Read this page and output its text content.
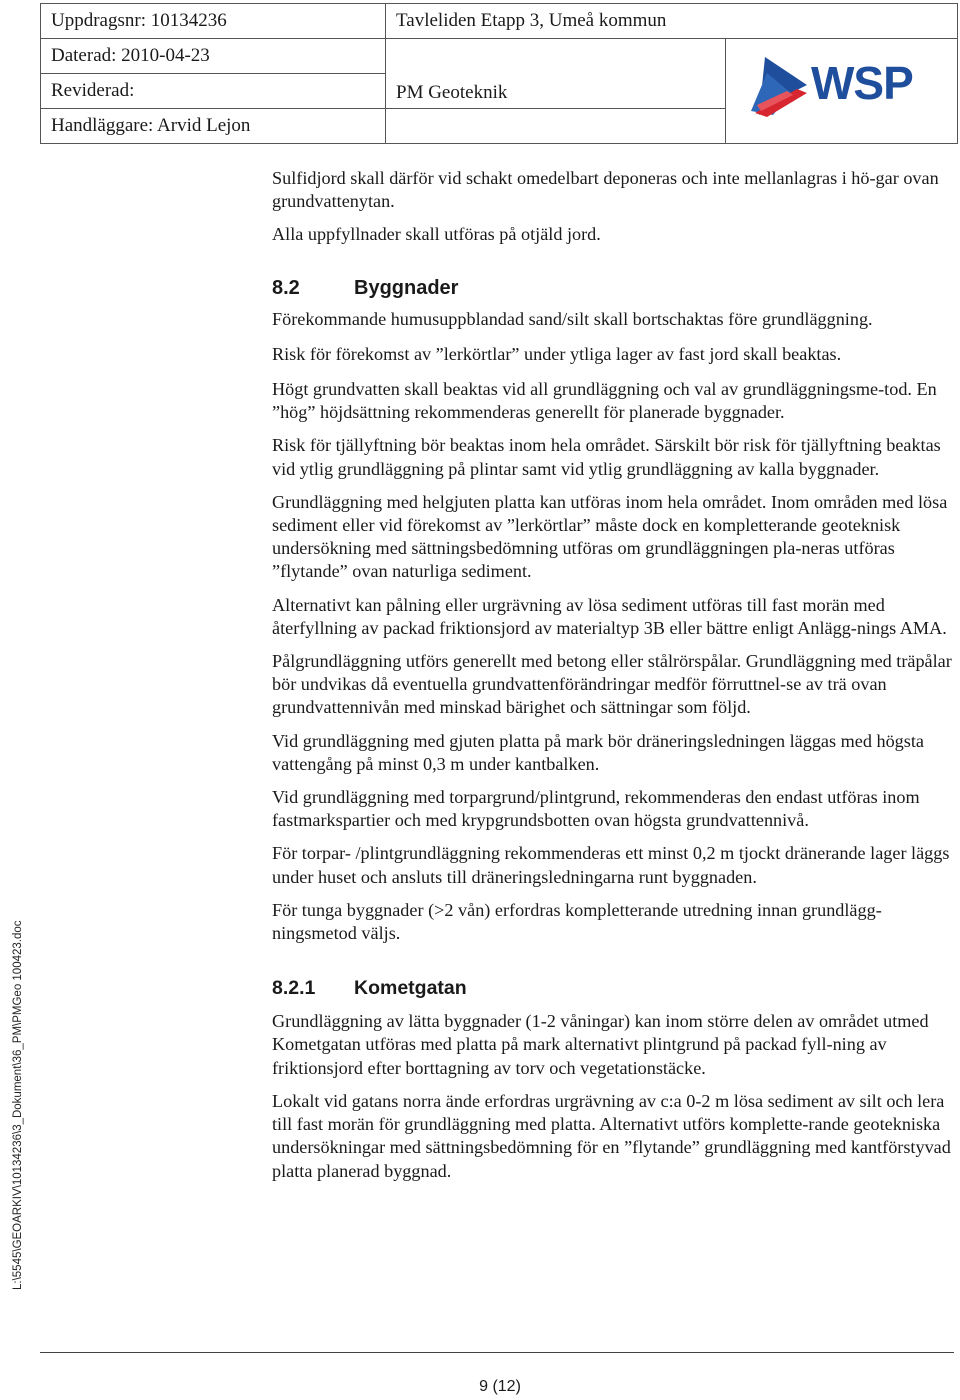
Uppdragsnr: 10134236	Tavleliden Etapp 3, Umeå kommun	
Daterad: 2010-04-23	PM Geoteknik	WSP

Reviderad:		
Handläggare: Arvid Lejon		

Sulfidjord skall därför vid schakt omedelbart deponeras och inte mellanlagras i hö-gar ovan grundvattenytan.

Alla uppfyllnader skall utföras på otjäld jord.

8.2	Byggnader

Förekommande humusuppblandad sand/silt skall bortschaktas före grundläggning.

Risk för förekomst av ”lerkörtlar” under ytliga lager av fast jord skall beaktas.

Högt grundvatten skall beaktas vid all grundläggning och val av grundläggningsme-tod. En ”hög” höjdsättning rekommenderas generellt för planerade byggnader.

Risk för tjällyftning bör beaktas inom hela området. Särskilt bör risk för tjällyftning beaktas vid ytlig grundläggning på plintar samt vid ytlig grundläggning av kalla byggnader.

Grundläggning med helgjuten platta kan utföras inom hela området. Inom områden med lösa sediment eller vid förekomst av ”lerkörtlar” måste dock en kompletterande geoteknisk undersökning med sättningsbedömning utföras om grundläggningen pla-neras utföras ”flytande” ovan naturliga sediment.

Alternativt kan pålning eller urgrävning av lösa sediment utföras till fast morän med återfyllning av packad friktionsjord av materialtyp 3B eller bättre enligt Anlägg-nings AMA.

Pålgrundläggning utförs generellt med betong eller stålrörspålar. Grundläggning med träpålar bör undvikas då eventuella grundvattenförändringar medför förruttnel-se av trä ovan grundvattennivån med minskad bärighet och sättningar som följd.

Vid grundläggning med gjuten platta på mark bör dräneringsledningen läggas med högsta vattengång på minst 0,3 m under kantbalken.

Vid grundläggning med torpargrund/plintgrund, rekommenderas den endast utföras inom fastmarkspartier och med krypgrundsbotten ovan högsta grundvattennivå.

För torpar- /plintgrundläggning rekommenderas ett minst 0,2 m tjockt dränerande lager läggs under huset och ansluts till dräneringsledningarna runt byggnaden.

För tunga byggnader (>2 vån) erfordras kompletterande utredning innan grundlägg-ningsmetod väljs.

8.2.1	Kometgatan

Grundläggning av lätta byggnader (1-2 våningar) kan inom större delen av området utmed Kometgatan utföras med platta på mark alternativt plintgrund på packad fyll-ning av friktionsjord efter borttagning av torv och vegetationstäcke.

Lokalt vid gatans norra ände erfordras urgrävning av c:a 0-2 m lösa sediment av silt och lera till fast morän för grundläggning med platta. Alternativt utförs komplette-rande geotekniska undersökningar med sättningsbedömning för en ”flytande” grundläggning med kantförstyvad platta planerad byggnad.

L:\5545\GEOARKIV\10134236\3_Dokument\36_PM\PMGeo 100423.doc
9 (12)
